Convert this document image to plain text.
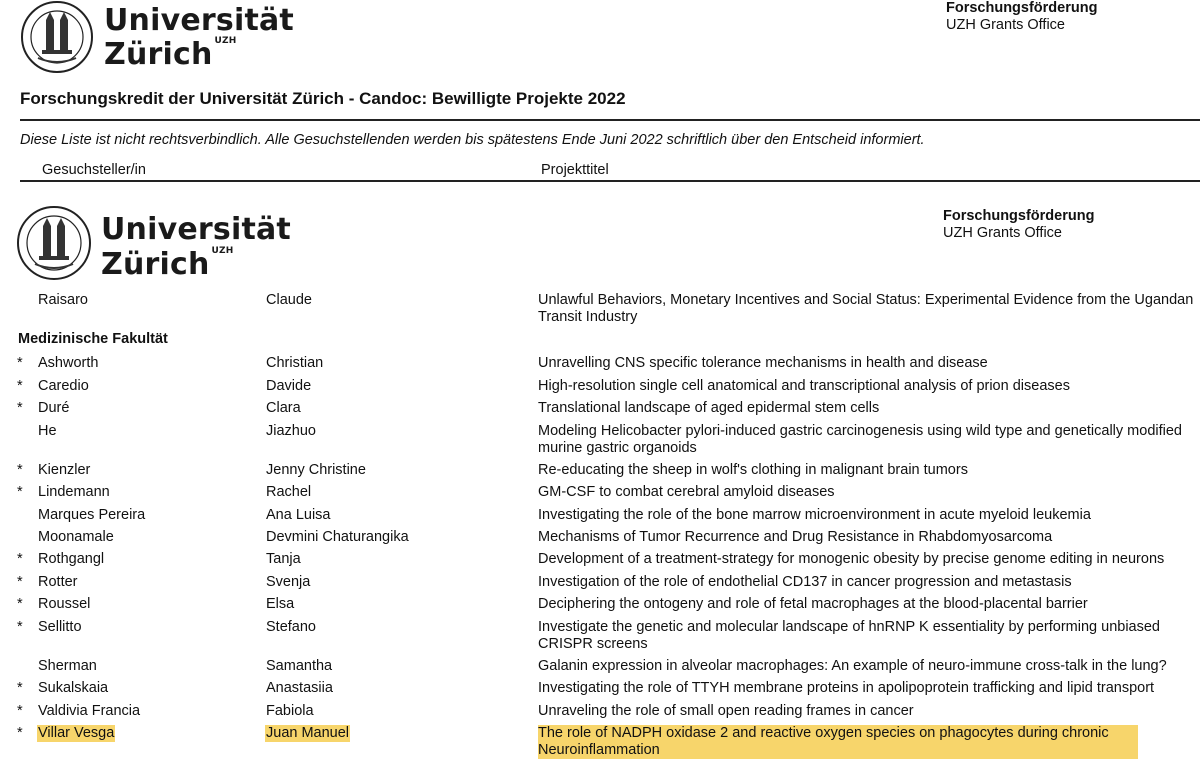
Universität
Zürich $^{UZH}$
Forschungsförderung
UZH Grants Office
Forschungskredit der Universität Zürich - Candoc: Bewilligte Projekte 2022
Diese Liste ist nicht rechtsverbindlich. Alle Gesuchstellenden werden bis spätestens Ende Juni 2022 schriftlich über den Entscheid informiert.
Gesuchsteller/in	Projekttitel
Universität
Zürich $^{UZH}$
Forschungsförderung
UZH Grants Office
Raisaro	Claude	Unlawful Behaviors, Monetary Incentives and Social Status: Experimental Evidence from the Ugandan Transit Industry
Medizinische Fakultät
* Ashworth	Christian	Unravelling CNS specific tolerance mechanisms in health and disease
* Caredio	Davide	High-resolution single cell anatomical and transcriptional analysis of prion diseases
* Duré	Clara	Translational landscape of aged epidermal stem cells
He	Jiazhuo	Modeling Helicobacter pylori-induced gastric carcinogenesis using wild type and genetically modified murine gastric organoids
* Kienzler	Jenny Christine	Re-educating the sheep in wolf's clothing in malignant brain tumors
* Lindemann	Rachel	GM-CSF to combat cerebral amyloid diseases
Marques Pereira	Ana Luisa	Investigating the role of the bone marrow microenvironment in acute myeloid leukemia
Moonamale	Devmini Chaturangika	Mechanisms of Tumor Recurrence and Drug Resistance in Rhabdomyosarcoma
* Rothgangl	Tanja	Development of a treatment-strategy for monogenic obesity by precise genome editing in neurons
* Rotter	Svenja	Investigation of the role of endothelial CD137 in cancer progression and metastasis
* Roussel	Elsa	Deciphering the ontogeny and role of fetal macrophages at the blood-placental barrier
* Sellitto	Stefano	Investigate the genetic and molecular landscape of hnRNP K essentiality by performing unbiased CRISPR screens
Sherman	Samantha	Galanin expression in alveolar macrophages: An example of neuro-immune cross-talk in the lung?
* Sukalskaia	Anastasiia	Investigating the role of TTYH membrane proteins in apolipoprotein trafficking and lipid transport
* Valdivia Francia	Fabiola	Unraveling the role of small open reading frames in cancer
* Villar Vesga	Juan Manuel	The role of NADPH oxidase 2 and reactive oxygen species on phagocytes during chronic Neuroinflammation
